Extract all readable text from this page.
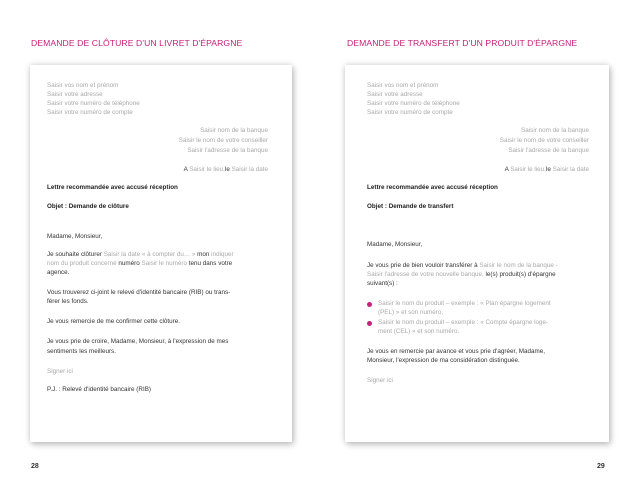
DEMANDE DE CLÔTURE D'UN LIVRET D'ÉPARGNE	DEMANDE DE TRANSFERT D'UN PRODUIT D'ÉPARGNE
Saisir vos nom et prénom
Saisir votre adresse
Saisir votre numéro de téléphone
Saisir votre numéro de compte
Saisir nom de la banque
Saisir le nom de votre conseiller
Saisir l'adresse de la banque
A Saisir le lieu,le Saisir la date
Lettre recommandée avec accusé réception
Objet : Demande de clôture
Madame, Monsieur,
Je souhaite clôturer Saisir la date « à compter du… » mon indiquer
nom du produit concerné numéro Saisir le numéro tenu dans votre
agence.
Vous trouverez ci-joint le relevé d'identité bancaire (RIB) ou trans-
férer les fonds.
Je vous remercie de me confirmer cette clôture.
Je vous prie de croire, Madame, Monsieur, à l'expression de mes
sentiments les meilleurs.
Signer ici
P.J. : Relevé d'identité bancaire (RIB)
Saisir vos nom et prénom
Saisir votre adresse
Saisir votre numéro de téléphone
Saisir votre numéro de compte
Saisir nom de la banque
Saisir le nom de votre conseiller
Saisir l'adresse de la banque
A Saisir le lieu,le Saisir la date
Lettre recommandée avec accusé réception
Objet : Demande de transfert
Madame, Monsieur,
Je vous prie de bien vouloir transférer à Saisir le nom de la banque -
Saisir l'adresse de votre nouvelle banque, le(s) produit(s) d'épargne
suivant(s) :
Saisir le nom du produit – exemple : « Plan épargne logement
(PEL) » et son numéro,
Saisir le nom du produit – exemple : « Compte épargne loge-
ment (CEL) » et son numéro.
Je vous en remercie par avance et vous prie d'agréer, Madame,
Monsieur, l'expression de ma considération distinguée.
Signer ici
28	29
